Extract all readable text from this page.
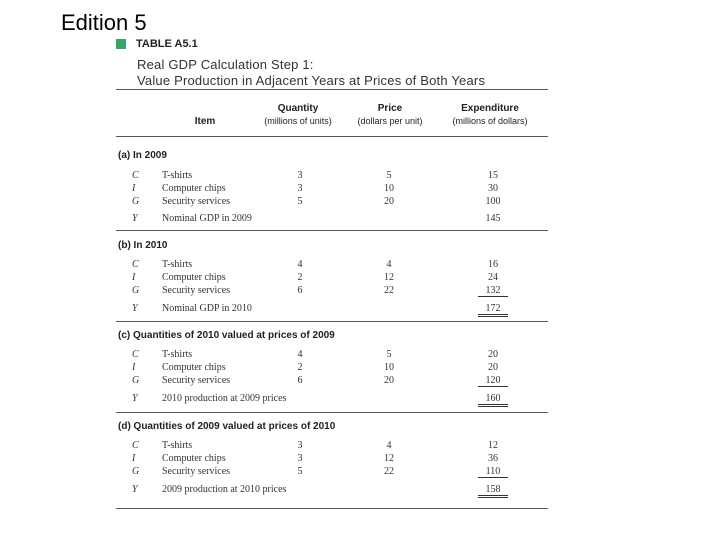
Edition 5
TABLE A5.1
Real GDP Calculation Step 1:
Value Production in Adjacent Years at Prices of Both Years
Item
Quantity
(millions of units)
Price
(dollars per unit)
Expenditure
(millions of dollars)
(a) In 2009
C T-shirts	3	5	15
I	Computer chips	3	10	30
G Security services	5	20	100
Y Nominal GDP in 2009	145
(b) In 2010
C T-shirts	4	4	16
I	Computer chips	2	12	24
G Security services	6	22	132
Y Nominal GDP in 2010	172
(c) Quantities of 2010 valued at prices of 2009
C T-shirts	4	5	20
I	Computer chips	2	10	20
G Security services	6	20	120
Y 2010 production at 2009 prices	160
(d) Quantities of 2009 valued at prices of 2010
C T-shirts	3	4	12
I	Computer chips	3	12	36
G Security services	5	22	110
Y 2009 production at 2010 prices	158
